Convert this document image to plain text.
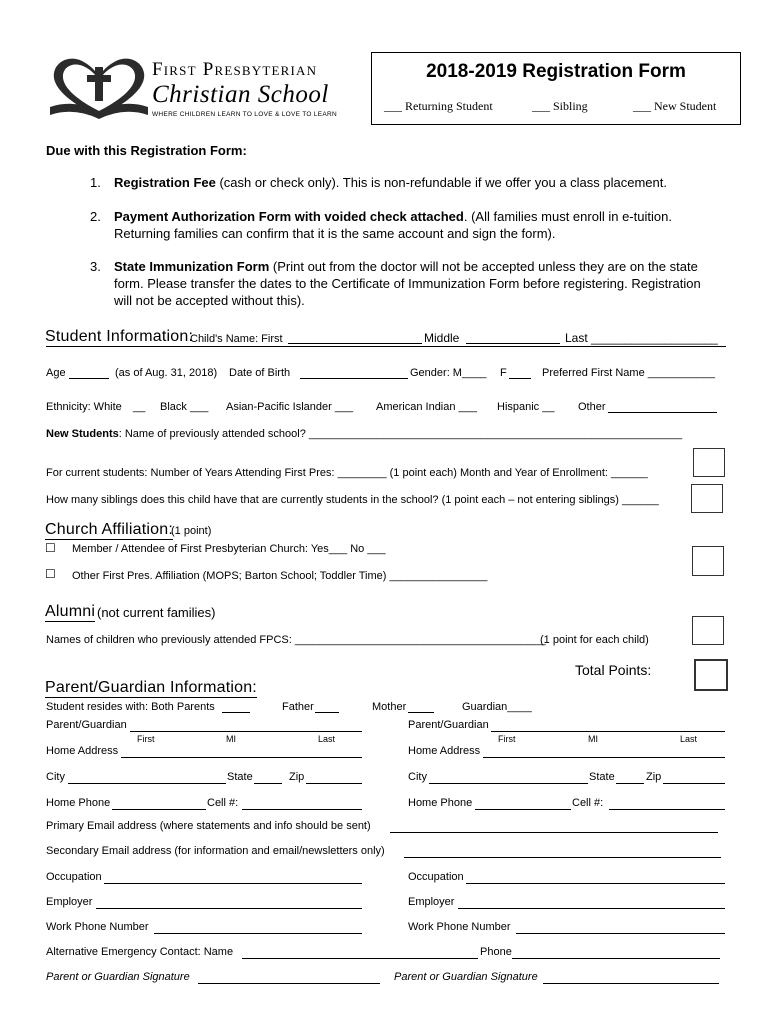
First Presbyterian
Christian School
WHERE CHILDREN LEARN TO LOVE & LOVE TO LEARN
2018-2019 Registration Form
___ Returning Student	___ Sibling	___ New Student
Due with this Registration Form:
1. Registration Fee (cash or check only). This is non-refundable if we offer you a class placement.
2. Payment Authorization Form with voided check attached. (All families must enroll in e-tuition. Returning families can confirm that it is the same account and sign the form).
3. State Immunization Form (Print out from the doctor will not be accepted unless they are on the state form. Please transfer the dates to the Certificate of Immunization Form before registering. Registration will not be accepted without this).
Student Information:
Child's Name: First	Middle	Last ___________________
Age	(as of Aug. 31, 2018) Date of Birth	Gender: M____ F	Preferred First Name ___________
Ethnicity: White __ Black ___ Asian-Pacific Islander ___ American Indian ___ Hispanic __ Other
New Students: Name of previously attended school? _____________________________________________________________
For current students: Number of Years Attending First Pres: ________ (1 point each) Month and Year of Enrollment: ______
How many siblings does this child have that are currently students in the school? (1 point each – not entering siblings) ______
Church Affiliation:
(1 point)
☐ Member / Attendee of First Presbyterian Church: Yes___ No ___
☐ Other First Pres. Affiliation (MOPS; Barton School; Toddler Time) ________________
Alumni (not current families)
Names of children who previously attended FPCS: _________________________________________
(1 point for each child)
Total Points:
Parent/Guardian Information:
Student resides with: Both Parents	Father	Mother	Guardian____
Parent/Guardian
First	MI	Last
Home Address
City	State	Zip
Home Phone	Cell #:
Parent/Guardian
First	MI	Last
Home Address
City	State	Zip
Home Phone	Cell #:
Primary Email address (where statements and info should be sent)
Secondary Email address (for information and email/newsletters only)
Occupation	Occupation
Employer	Employer
Work Phone Number	Work Phone Number
Alternative Emergency Contact: Name	Phone
Parent or Guardian Signature	Parent or Guardian Signature
